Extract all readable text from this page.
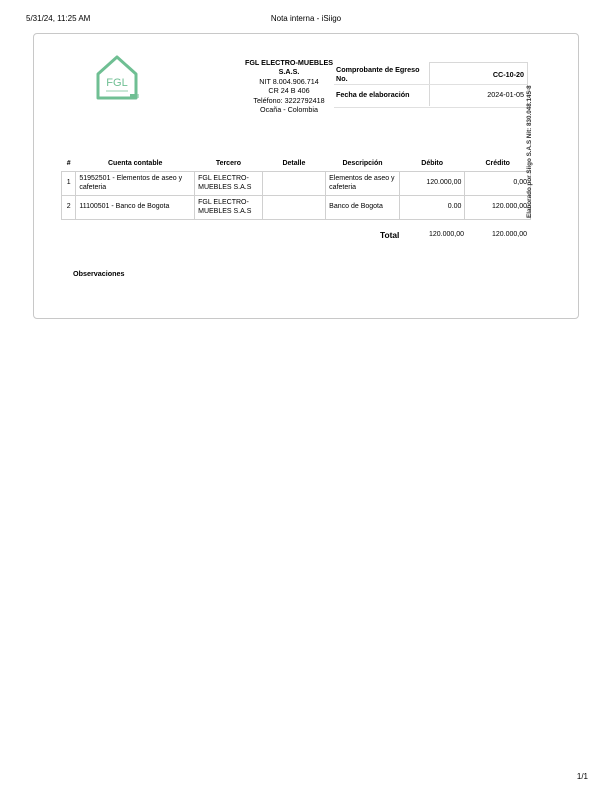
5/31/24, 11:25 AM	Nota interna - iSiigo
FGL
FGL ELECTRO-MUEBLES
S.A.S.
NIT 8.004.906.714
CR 24 B 406
Teléfono: 3222792418
Ocaña - Colombia
Comprobante de Egreso No.	CC-10-20
Fecha de elaboración	2024-01-05
#	Cuenta contable	Tercero	Detalle	Descripción	Débito	Crédito
1	51952501 - Elementos de aseo y cafeteria	FGL ELECTRO-MUEBLES S.A.S		Elementos de aseo y cafeteria	120.000,00	0,00
2	11100501 - Banco de Bogota	FGL ELECTRO-MUEBLES S.A.S		Banco de Bogota	0.00	120.000,00
Total	120.000,00	120.000,00
Observaciones
Elaborado por Siigo S.A.S Nit: 830.048.145-8
1/1
